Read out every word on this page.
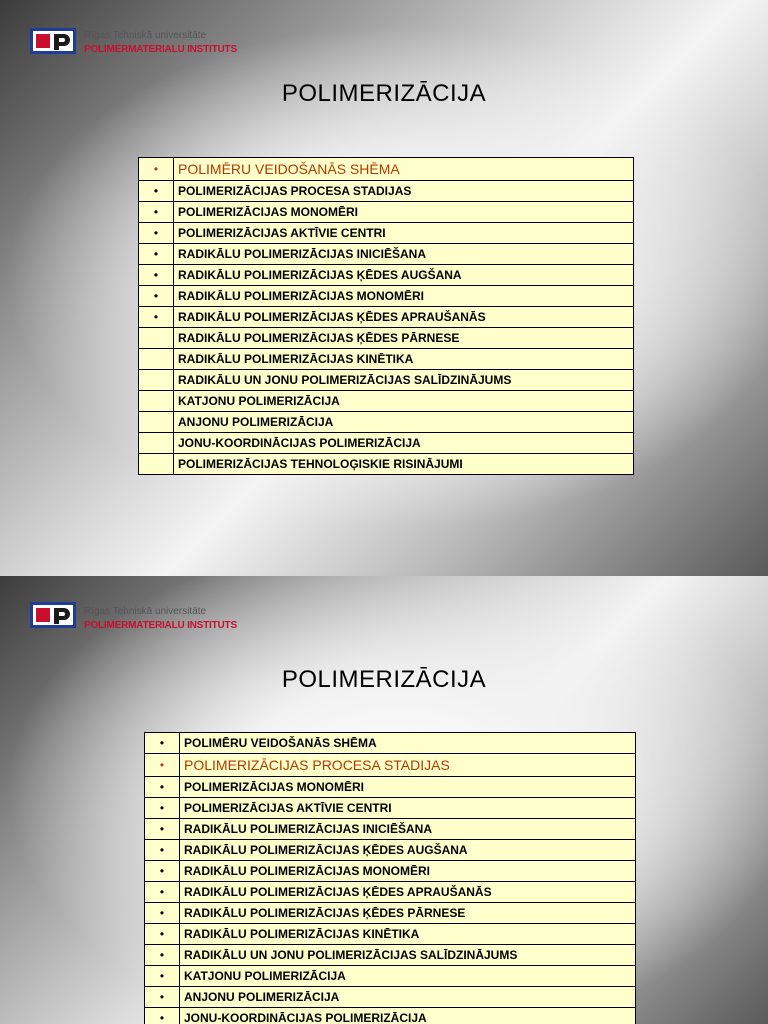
Rīgas Tehniskā universitāte
POLIMERMATERIALU INSTITUTS
POLIMERIZĀCIJA
•	POLIMĒRU VEIDOŠANĀS SHĒMA
•	POLIMERIZĀCIJAS PROCESA STADIJAS
•	POLIMERIZĀCIJAS MONOMĒRI
•	POLIMERIZĀCIJAS AKTĪVIE CENTRI
•	RADIKĀLU POLIMERIZĀCIJAS INICIĒŠANA
•	RADIKĀLU POLIMERIZĀCIJAS ĶĒDES AUGŠANA
•	RADIKĀLU POLIMERIZĀCIJAS MONOMĒRI
•	RADIKĀLU POLIMERIZĀCIJAS ĶĒDES APRAUŠANĀS
	RADIKĀLU POLIMERIZĀCIJAS ĶĒDES PĀRNESE
	RADIKĀLU POLIMERIZĀCIJAS KINĒTIKA
	RADIKĀLU UN JONU POLIMERIZĀCIJAS SALĪDZINĀJUMS
	KATJONU POLIMERIZĀCIJA
	ANJONU POLIMERIZĀCIJA
	JONU-KOORDINĀCIJAS POLIMERIZĀCIJA
	POLIMERIZĀCIJAS TEHNOLOĢISKIE RISINĀJUMI
Rīgas Tehniskā universitāte
POLIMERMATERIALU INSTITUTS
POLIMERIZĀCIJA
•	POLIMĒRU VEIDOŠANĀS SHĒMA
•	POLIMERIZĀCIJAS PROCESA STADIJAS
•	POLIMERIZĀCIJAS MONOMĒRI
•	POLIMERIZĀCIJAS AKTĪVIE CENTRI
•	RADIKĀLU POLIMERIZĀCIJAS INICIĒŠANA
•	RADIKĀLU POLIMERIZĀCIJAS ĶĒDES AUGŠANA
•	RADIKĀLU POLIMERIZĀCIJAS MONOMĒRI
•	RADIKĀLU POLIMERIZĀCIJAS ĶĒDES APRAUŠANĀS
•	RADIKĀLU POLIMERIZĀCIJAS ĶĒDES PĀRNESE
•	RADIKĀLU POLIMERIZĀCIJAS KINĒTIKA
•	RADIKĀLU UN JONU POLIMERIZĀCIJAS SALĪDZINĀJUMS
•	KATJONU POLIMERIZĀCIJA
•	ANJONU POLIMERIZĀCIJA
•	JONU-KOORDINĀCIJAS POLIMERIZĀCIJA
